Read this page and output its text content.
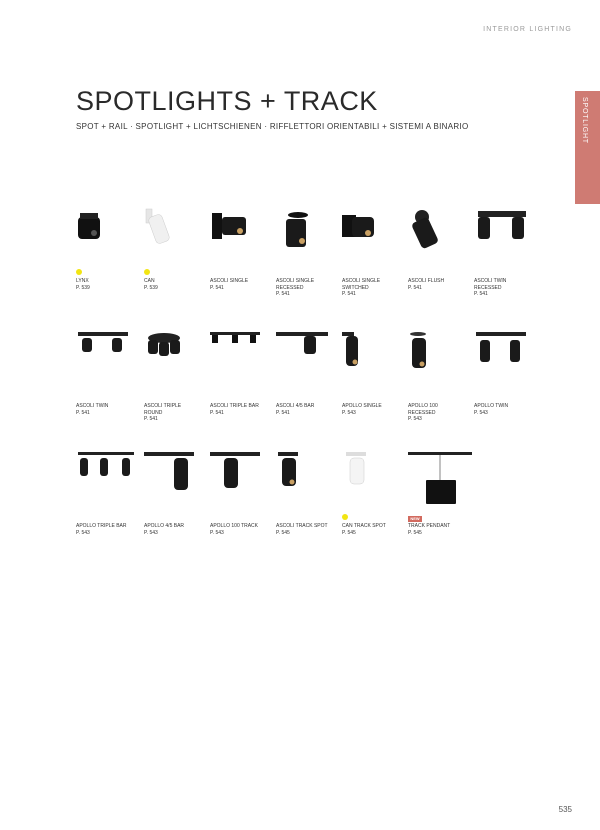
INTERIOR LIGHTING
SPOTLIGHT
SPOTLIGHTS + TRACK
SPOT + RAIL · SPOTLIGHT + LICHTSCHIENEN · RIFFLETTORI ORIENTABILI + SISTEMI A BINARIO
LYNX
P. 539
CAN
P. 539
ASCOLI SINGLE
P. 541
ASCOLI SINGLE
RECESSED
P. 541
ASCOLI SINGLE
SWITCHED
P. 541
ASCOLI FLUSH
P. 541
ASCOLI TWIN
RECESSED
P. 541
ASCOLI TWIN
P. 541
ASCOLI TRIPLE
ROUND
P. 541
ASCOLI TRIPLE BAR
P. 541
ASCOLI 4/5 BAR
P. 541
APOLLO SINGLE
P. 543
APOLLO 100
RECESSED
P. 543
APOLLO TWIN
P. 543
APOLLO TRIPLE BAR
P. 543
APOLLO 4/5 BAR
P. 543
APOLLO 100 TRACK
P. 543
ASCOLI TRACK SPOT
P. 545
CAN TRACK SPOT
P. 545
NEW
TRACK PENDANT
P. 545
535
